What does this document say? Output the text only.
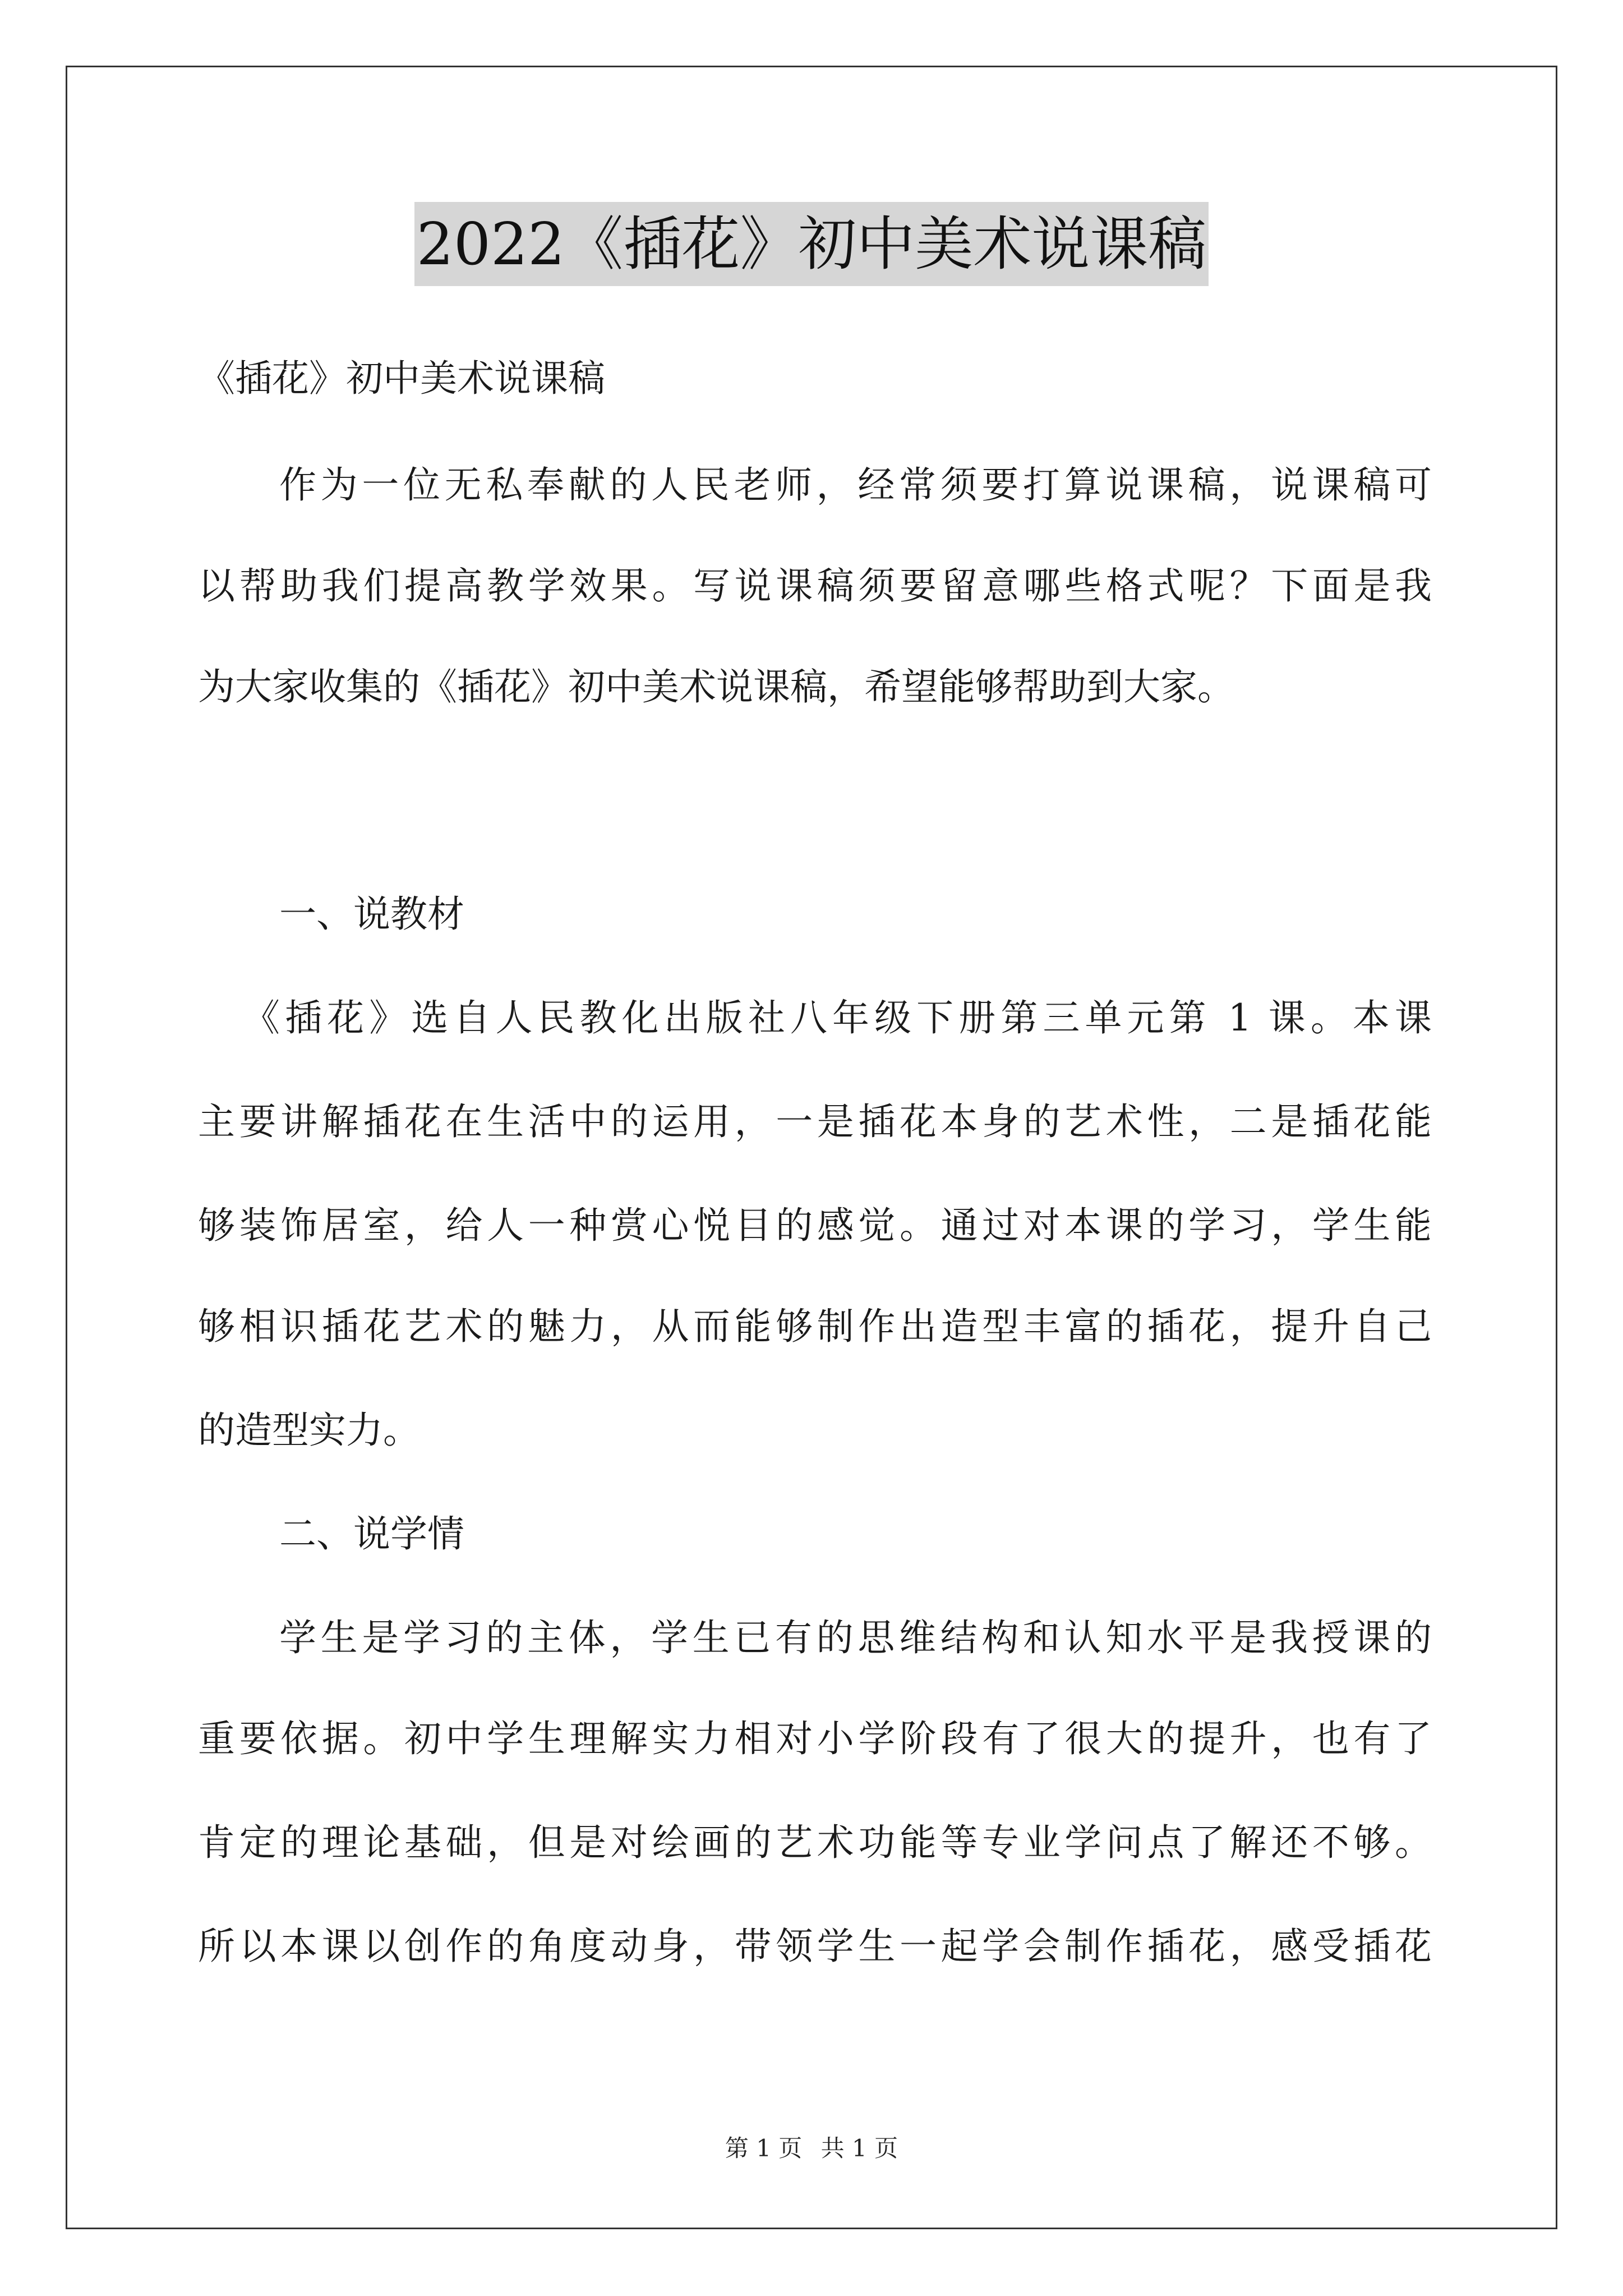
2022《插花》初中美术说课稿
《插花》初中美术说课稿
作为一位无私奉献的人民老师，经常须要打算说课稿，说课稿可
以帮助我们提高教学效果。写说课稿须要留意哪些格式呢？下面是我
为大家收集的《插花》初中美术说课稿，希望能够帮助到大家。
一、说教材
《插花》选自人民教化出版社八年级下册第三单元第 1 课。本课
主要讲解插花在生活中的运用，一是插花本身的艺术性，二是插花能
够装饰居室，给人一种赏心悦目的感觉。通过对本课的学习，学生能
够相识插花艺术的魅力，从而能够制作出造型丰富的插花，提升自己
的造型实力。
二、说学情
学生是学习的主体，学生已有的思维结构和认知水平是我授课的
重要依据。初中学生理解实力相对小学阶段有了很大的提升，也有了
肯定的理论基础，但是对绘画的艺术功能等专业学问点了解还不够。
所以本课以创作的角度动身，带领学生一起学会制作插花，感受插花
第 1 页 共 1 页
